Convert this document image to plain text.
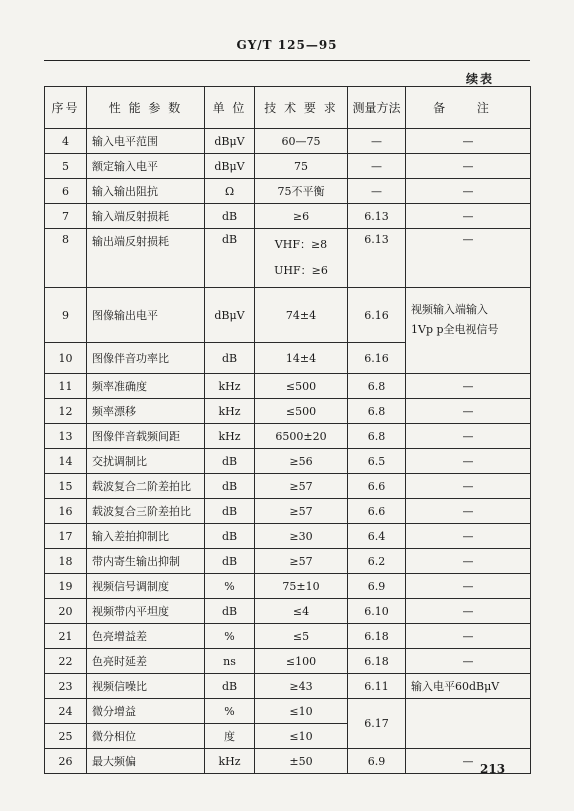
GY/T 125—95
续表
序号	性 能 参 数	单 位	技 术 要 求	测量方法	备 注
4	输入电平范围	dBμV	60—75	—	—
5	额定输入电平	dBμV	75	—	—
6	输入输出阻抗	Ω	75不平衡	—	—
7	输入端反射损耗	dB	≥6	6.13	—
8	输出端反射损耗	dB	VHF：≥8
UHF：≥6	6.13	—
9	图像输出电平	dBμV	74±4	6.16	视频输入端输入
1Vp p全电视信号

10	图像伴音功率比	dB	14±4	6.16	
11	频率准确度	kHz	≤500	6.8	—
12	频率漂移	kHz	≤500	6.8	—
13	图像伴音载频间距	kHz	6500±20	6.8	—
14	交扰调制比	dB	≥56	6.5	—
15	载波复合二阶差拍比	dB	≥57	6.6	—
16	载波复合三阶差拍比	dB	≥57	6.6	—
17	输入差拍抑制比	dB	≥30	6.4	—
18	带内寄生输出抑制	dB	≥57	6.2	—
19	视频信号调制度	%	75±10	6.9	—
20	视频带内平坦度	dB	≤4	6.10	—
21	色亮增益差	%	≤5	6.18	—
22	色亮时延差	ns	≤100	6.18	—
23	视频信噪比	dB	≥43	6.11	输入电平60dBμV
24	微分增益	%	≤10	6.17	
25	微分相位	度	≤10		
26	最大频偏	kHz	±50	6.9	—
213
